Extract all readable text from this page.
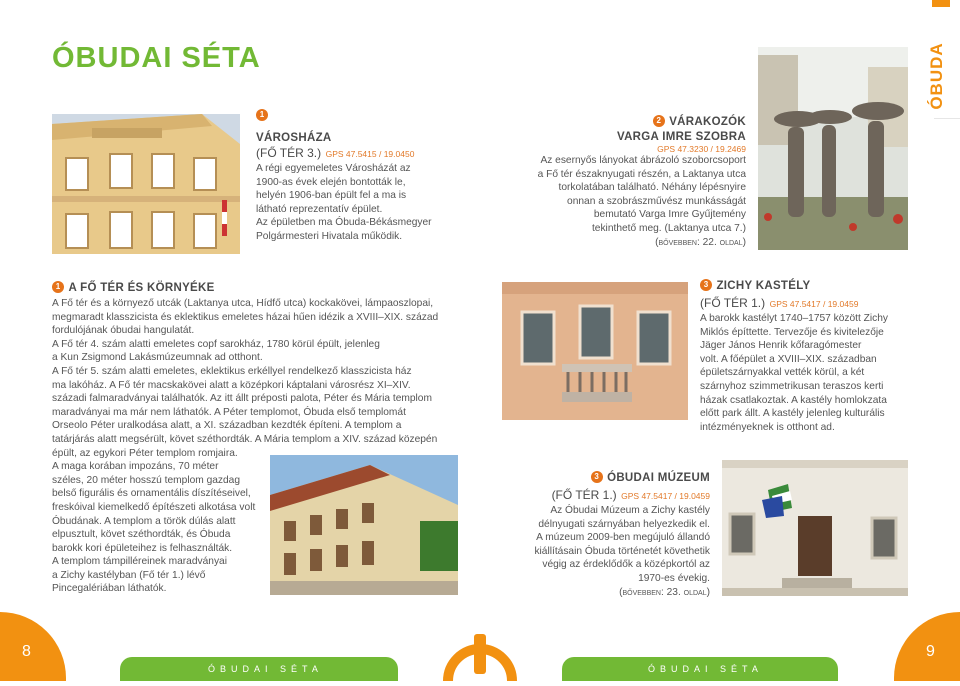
ÓBUDA
ÓBUDAI SÉTA
1
VÁROSHÁZA
(FŐ TÉR 3.) GPS 47.5415 / 19.0450

A régi egyemeletes Városházát az

1900-as évek elején bontották le,

helyén 1906-ban épült fel a ma is

látható reprezentatív épület.

Az épületben ma Óbuda-Békásmegyer

Polgármesteri Hivatala működik.

2 VÁRAKOZÓK
VARGA IMRE SZOBRA
GPS 47.3230 / 19.2469

Az esernyős lányokat ábrázoló szoborcsoport

a Fő tér északnyugati részén, a Laktanya utca

torkolatában található. Néhány lépésnyire

onnan a szobrászművész munkásságát

bemutató Varga Imre Gyűjtemény

tekinthető meg. (Laktanya utca 7.)

(bővebben: 22. oldal)

1 A FŐ TÉR ÉS KÖRNYÉKE

A Fő tér és a környező utcák (Laktanya utca, Hídfő utca) kockakövei, lámpaoszlopai,

megmaradt klasszicista és eklektikus emeletes házai hűen idézik a XVIII–XIX. század

fordulójának óbudai hangulatát.

A Fő tér 4. szám alatti emeletes copf sarokház, 1780 körül épült, jelenleg

a Kun Zsigmond Lakásmúzeumnak ad otthont.

A Fő tér 5. szám alatti emeletes, eklektikus erkéllyel rendelkező klasszicista ház

ma lakóház. A Fő tér macskakövei alatt a középkori káptalani városrész XI–XIV.

századi falmaradványai találhatók. Az itt állt préposti palota, Péter és Mária templom

maradványai ma már nem láthatók. A Péter templomot, Óbuda első templomát

Orseolo Péter uralkodása alatt, a XI. században kezdték építeni. A templom a

tatárjárás alatt megsérült, követ széthordták. A Mária templom a XIV. század közepén

épült, az egykori Péter templom romjaira.

A maga korában impozáns, 70 méter

széles, 20 méter hosszú templom gazdag

belső figurális és ornamentális díszítéseivel,

freskóival kiemelkedő építészeti alkotása volt

Óbudának. A templom a török dúlás alatt

elpusztult, követ széthordták, és Óbuda

barokk kori épületeihez is felhasználták.

A templom támpilléreinek maradványai

a Zichy kastélyban (Fő tér 1.) lévő

Pincegalériában láthatók.

3 ZICHY KASTÉLY
(FŐ TÉR 1.) GPS 47.5417 / 19.0459

A barokk kastélyt 1740–1757 között Zichy

Miklós építtette. Tervezője és kivitelezője

Jäger János Henrik kőfaragómester

volt. A főépület a XVIII–XIX. században

épületszárnyakkal vették körül, a két

szárnyhoz szimmetrikusan teraszos kerti

házak csatlakoztak. A kastély homlokzata

előtt park állt. A kastély jelenleg kulturális

intézményeknek is otthont ad.

3 ÓBUDAI MÚZEUM
(FŐ TÉR 1.) GPS 47.5417 / 19.0459

Az Óbudai Múzeum a Zichy kastély

délnyugati szárnyában helyezkedik el.

A múzeum 2009-ben megújuló állandó

kiállításain Óbuda történetét követhetik

végig az érdeklődők a középkortól az

1970-es évekig.

(bővebben: 23. oldal)

8	9
ÓBUDAI SÉTA	ÓBUDAI SÉTA
